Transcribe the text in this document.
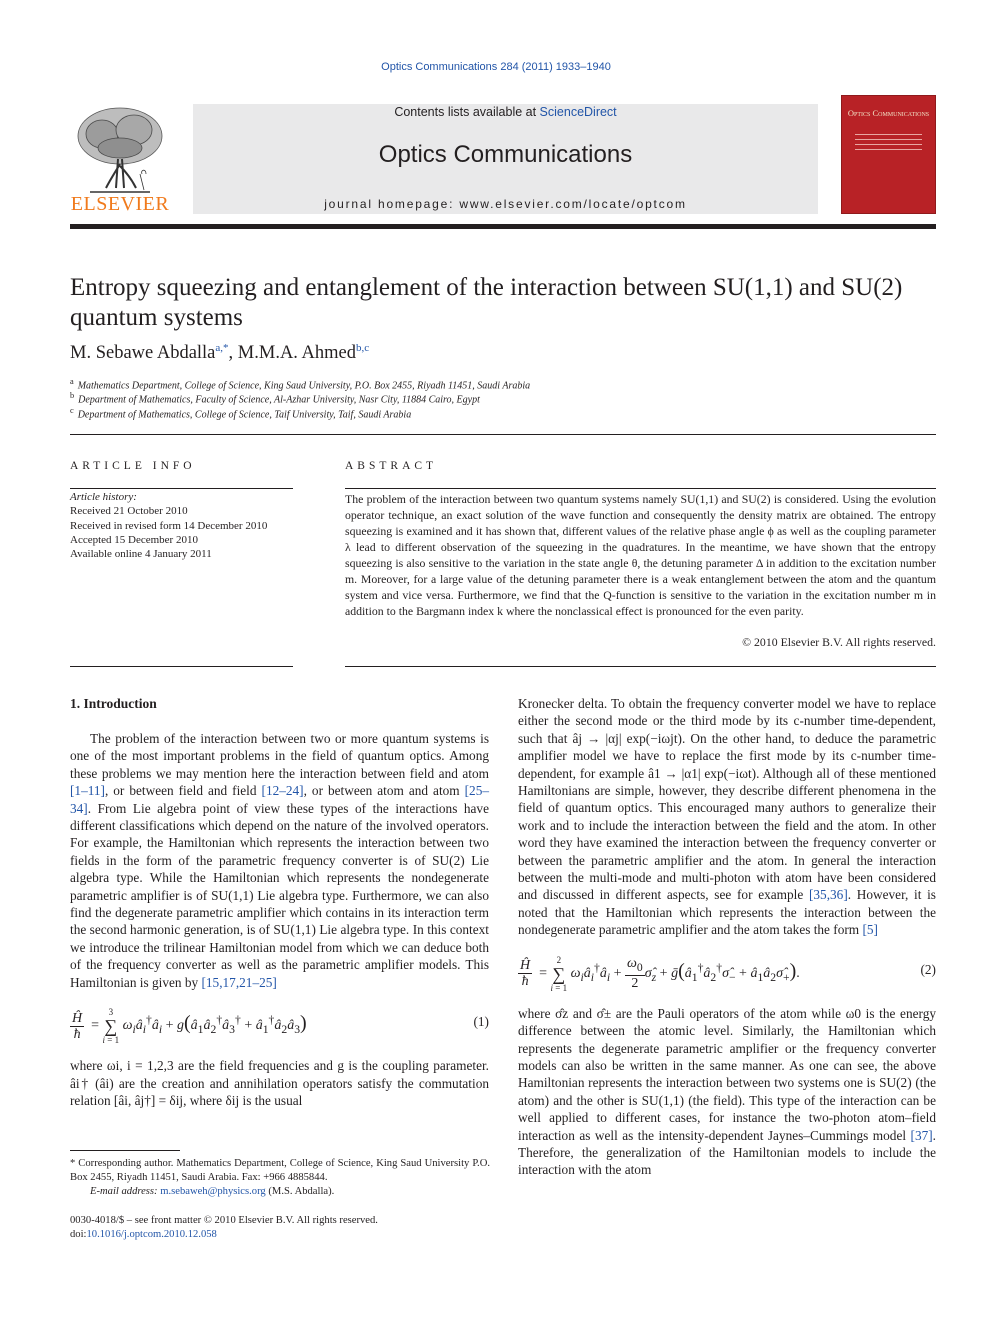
Optics Communications 284 (2011) 1933–1940
Contents lists available at ScienceDirect
Optics Communications
journal homepage: www.elsevier.com/locate/optcom
ELSEVIER
Optics Communications
Entropy squeezing and entanglement of the interaction between SU(1,1) and SU(2) quantum systems
M. Sebawe Abdalla$^{a,*}$, M.M.A. Ahmed$^{b,c}$
$^a$ Mathematics Department, College of Science, King Saud University, P.O. Box 2455, Riyadh 11451, Saudi Arabia
$^b$ Department of Mathematics, Faculty of Science, Al-Azhar University, Nasr City, 11884 Cairo, Egypt
$^c$ Department of Mathematics, College of Science, Taif University, Taif, Saudi Arabia
ARTICLE INFO
Article history:
Received 21 October 2010
Received in revised form 14 December 2010
Accepted 15 December 2010
Available online 4 January 2011
ABSTRACT
The problem of the interaction between two quantum systems namely SU(1,1) and SU(2) is considered. Using the evolution operator technique, an exact solution of the wave function and consequently the density matrix are obtained. The entropy squeezing is examined and it has shown that, different values of the relative phase angle ϕ as well as the coupling parameter λ lead to different observation of the squeezing in the quadratures. In the meantime, we have shown that the entropy squeezing is also sensitive to the variation in the state angle θ, the detuning parameter Δ in addition to the excitation number m. Moreover, for a large value of the detuning parameter there is a weak entanglement between the atom and the quantum system and vice versa. Furthermore, we find that the Q-function is sensitive to the variation in the excitation number m in addition to the Bargmann index k where the nonclassical effect is pronounced for the even parity.
© 2010 Elsevier B.V. All rights reserved.
1. Introduction

The problem of the interaction between two or more quantum systems is one of the most important problems in the field of quantum optics. Among these problems we may mention here the interaction between field and atom [1–11], or between field and field [12–24], or between atom and atom [25–34]. From Lie algebra point of view these types of the interactions have different classifications which depend on the nature of the involved operators. For example, the Hamiltonian which represents the interaction between two fields in the form of the parametric frequency converter is of SU(2) Lie algebra type. While the Hamiltonian which represents the nondegenerate parametric amplifier is of SU(1,1) Lie algebra type. Furthermore, we can also find the degenerate parametric amplifier which contains in its interaction term the second harmonic generation, is of SU(1,1) Lie algebra type. In this context we introduce the trilinear Hamiltonian model from which we can deduce both of the frequency converter as well as the parametric amplifier models. This Hamiltonian is given by [15,17,21–25]

$\frac{Ĥ}{ħ}$ =
3
∑
i = 1
$\omega_iâ_i^\dagger â_i$ + $g(â_1â_2^\dagger â_3^\dagger$ + $â_1^\dagger â_2â_3$)	(1)

where ωi, i = 1,2,3 are the field frequencies and g is the coupling parameter. âi† (âi) are the creation and annihilation operators satisfy the commutation relation [âi, âj†] = δij, where δij is the usual

Kronecker delta. To obtain the frequency converter model we have to replace either the second mode or the third mode by its c-number time-dependent, such that âj → |αj| exp(−iωjt). On the other hand, to deduce the parametric amplifier model we have to replace the first mode by its c-number time-dependent, for example â1 → |α1| exp(−iωt). Although all of these mentioned Hamiltonians are simple, however, they describe different phenomena in the field of quantum optics. This encouraged many authors to generalize their work and to include the interaction between the field and the atom. In other word they have examined the interaction between the frequency converter or between the parametric amplifier and the atom. In general the interaction between the multi-mode and multi-photon with atom have been considered and discussed in different aspects, see for example [35,36]. However, it is noted that the Hamiltonian which represents the interaction between the nondegenerate parametric amplifier and the atom takes the form [5]

$\frac{Ĥ}{ħ}$ =
2
∑
i = 1
$\omega_iâ_i^\dagger â_i + \frac{\omega_0}{2}$ $\sigmâ_z$ + $ḡ(â_1^\dagger â_2^\dagger\sigmâ_-$ + $â_1â_2\sigmâ_+$).	(2)

where σ̂z and σ̂± are the Pauli operators of the atom while ω0 is the energy difference between the atomic level. Similarly, the Hamiltonian which represents the degenerate parametric amplifier or the frequency converter models can also be written in the same manner. As one can see, the above Hamiltonian represents the interaction between two systems one is SU(2) (the atom) and the other is SU(1,1) (the field). This type of the interaction can be well applied to different cases, for instance the two-photon atom–field interaction as well as the intensity-dependent Jaynes–Cummings model [37]. Therefore, the generalization of the Hamiltonian models to include the interaction with the atom

* Corresponding author. Mathematics Department, College of Science, King Saud University P.O. Box 2455, Riyadh 11451, Saudi Arabia. Fax: +966 4885844.
E-mail address: m.sebaweh@physics.org (M.S. Abdalla).
0030-4018/$ – see front matter © 2010 Elsevier B.V. All rights reserved.
doi:10.1016/j.optcom.2010.12.058
